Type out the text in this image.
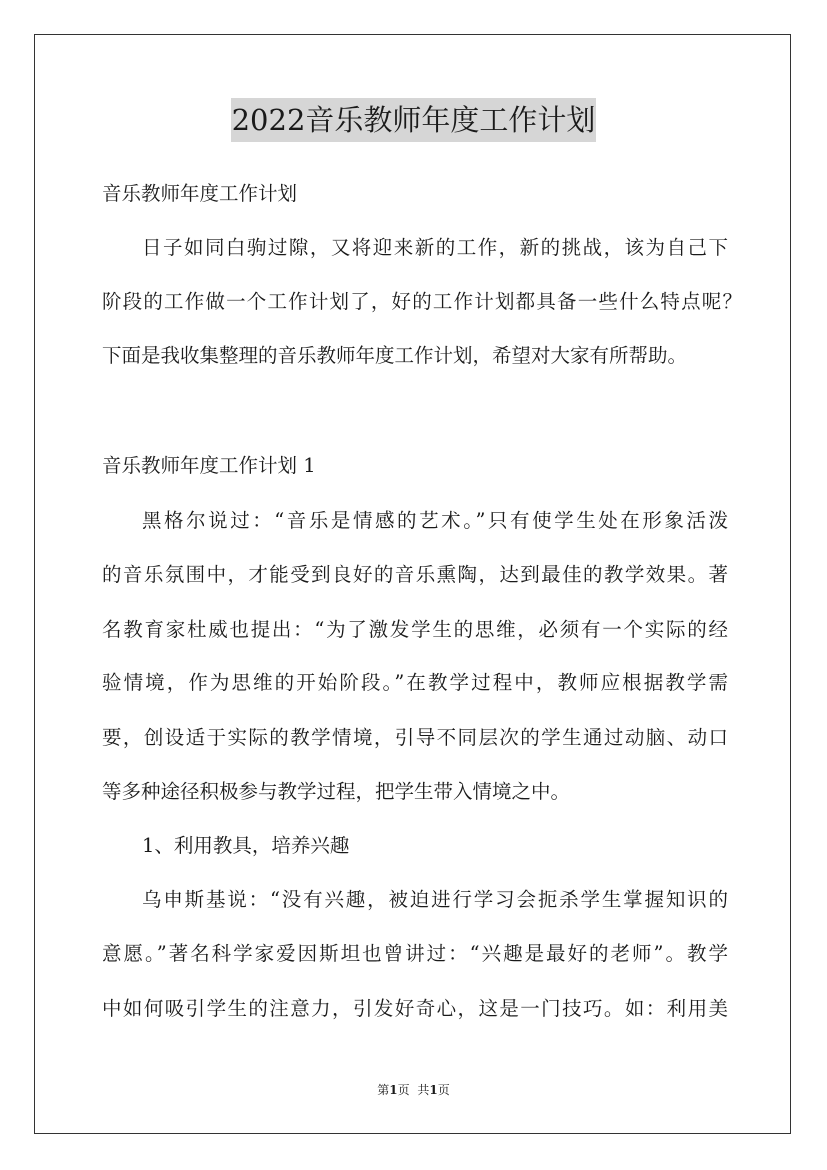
2022音乐教师年度工作计划
音乐教师年度工作计划
日子如同白驹过隙，又将迎来新的工作，新的挑战，该为自己下
阶段的工作做一个工作计划了，好的工作计划都具备一些什么特点呢？
下面是我收集整理的音乐教师年度工作计划，希望对大家有所帮助。
音乐教师年度工作计划 1
黑格尔说过：“音乐是情感的艺术。”只有使学生处在形象活泼
的音乐氛围中，才能受到良好的音乐熏陶，达到最佳的教学效果。著
名教育家杜威也提出：“为了激发学生的思维，必须有一个实际的经
验情境，作为思维的开始阶段。”在教学过程中，教师应根据教学需
要，创设适于实际的教学情境，引导不同层次的学生通过动脑、动口
等多种途径积极参与教学过程，把学生带入情境之中。
1、利用教具，培养兴趣
乌申斯基说：“没有兴趣，被迫进行学习会扼杀学生掌握知识的
意愿。”著名科学家爱因斯坦也曾讲过：“兴趣是最好的老师”。教学
中如何吸引学生的注意力，引发好奇心，这是一门技巧。如：利用美
第1页 共1页
